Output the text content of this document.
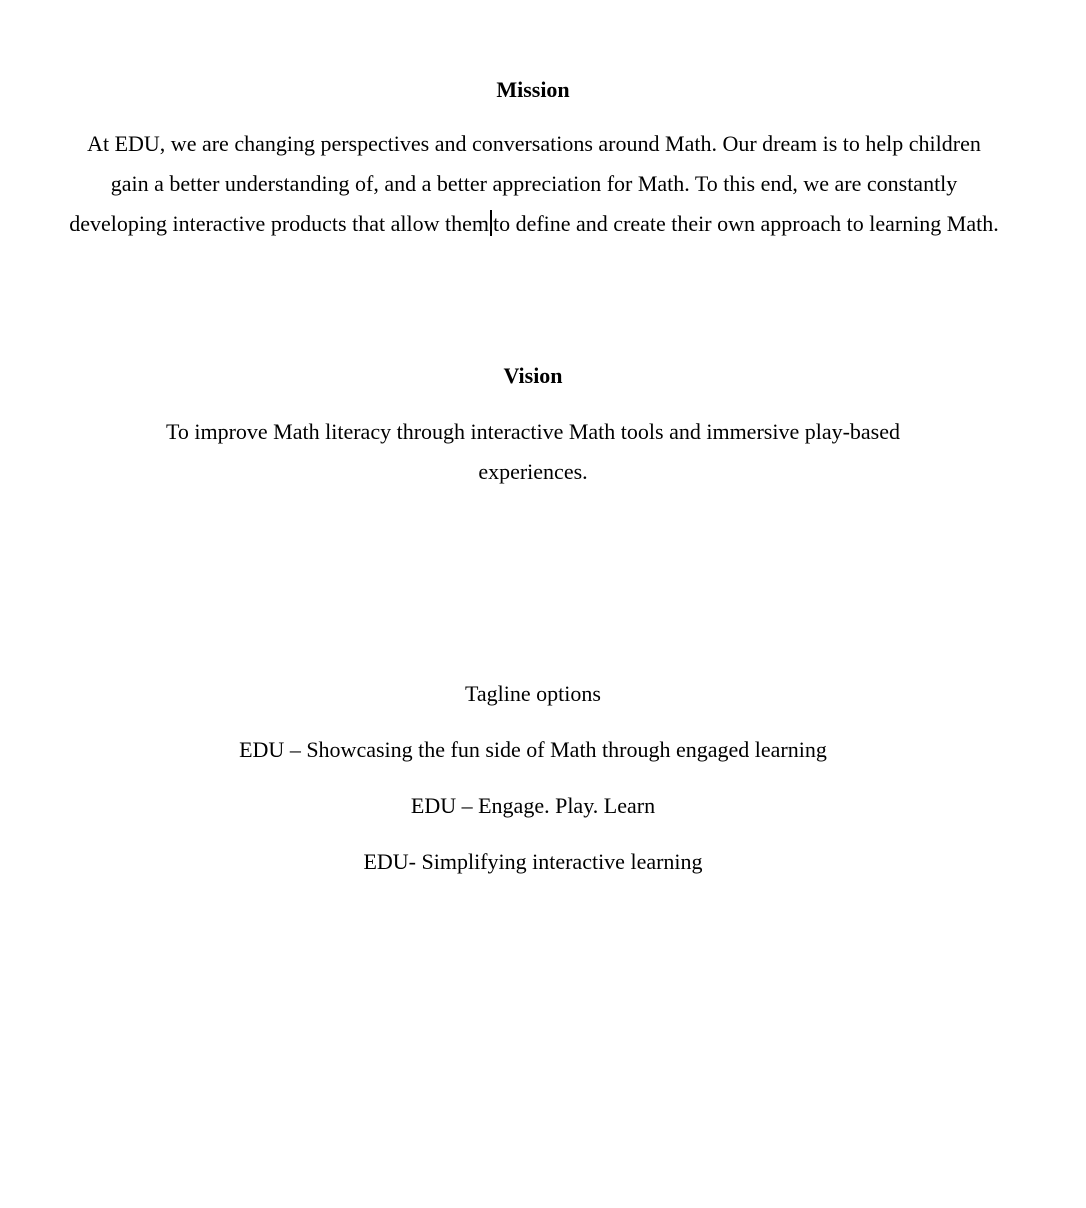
Mission

At EDU, we are changing perspectives and conversations around Math. Our dream is to help children gain a better understanding of, and a better appreciation for Math. To this end, we are constantly developing interactive products that allow them to define and create their own approach to learning Math.

Vision

To improve Math literacy through interactive Math tools and immersive play-based experiences.

Tagline options

EDU – Showcasing the fun side of Math through engaged learning

EDU – Engage. Play. Learn

EDU- Simplifying interactive learning
